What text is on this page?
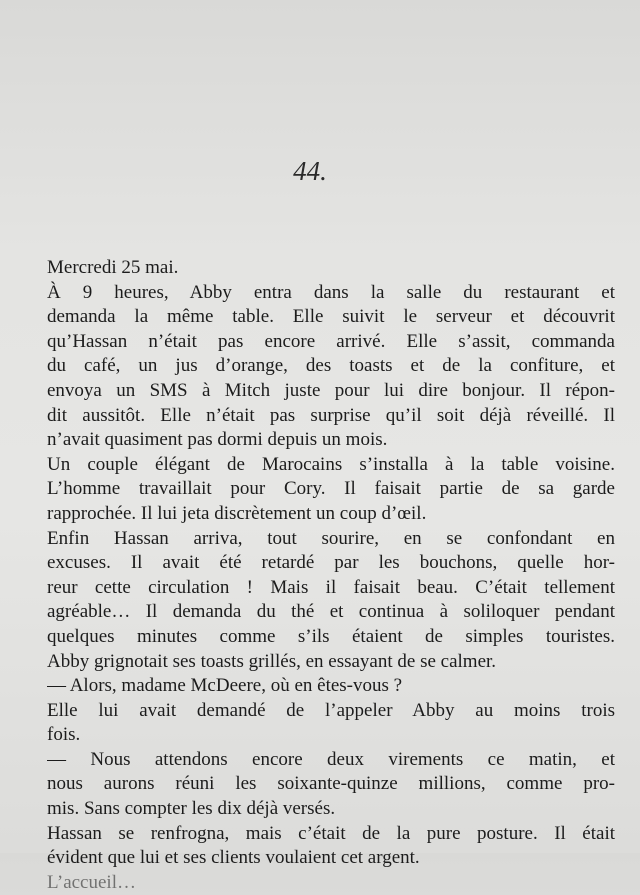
44.
Mercredi 25 mai.
À 9 heures, Abby entra dans la salle du restaurant et
demanda la même table. Elle suivit le serveur et découvrit
qu’Hassan n’était pas encore arrivé. Elle s’assit, commanda
du café, un jus d’orange, des toasts et de la confiture, et
envoya un SMS à Mitch juste pour lui dire bonjour. Il répon-
dit aussitôt. Elle n’était pas surprise qu’il soit déjà réveillé. Il
n’avait quasiment pas dormi depuis un mois.
Un couple élégant de Marocains s’installa à la table voisine.
L’homme travaillait pour Cory. Il faisait partie de sa garde
rapprochée. Il lui jeta discrètement un coup d’œil.
Enfin Hassan arriva, tout sourire, en se confondant en
excuses. Il avait été retardé par les bouchons, quelle hor-
reur cette circulation ! Mais il faisait beau. C’était tellement
agréable… Il demanda du thé et continua à soliloquer pendant
quelques minutes comme s’ils étaient de simples touristes.
Abby grignotait ses toasts grillés, en essayant de se calmer.
— Alors, madame McDeere, où en êtes-vous ?
Elle lui avait demandé de l’appeler Abby au moins trois
fois.
— Nous attendons encore deux virements ce matin, et
nous aurons réuni les soixante-quinze millions, comme pro-
mis. Sans compter les dix déjà versés.
Hassan se renfrogna, mais c’était de la pure posture. Il était
évident que lui et ses clients voulaient cet argent.
L’accueil…
